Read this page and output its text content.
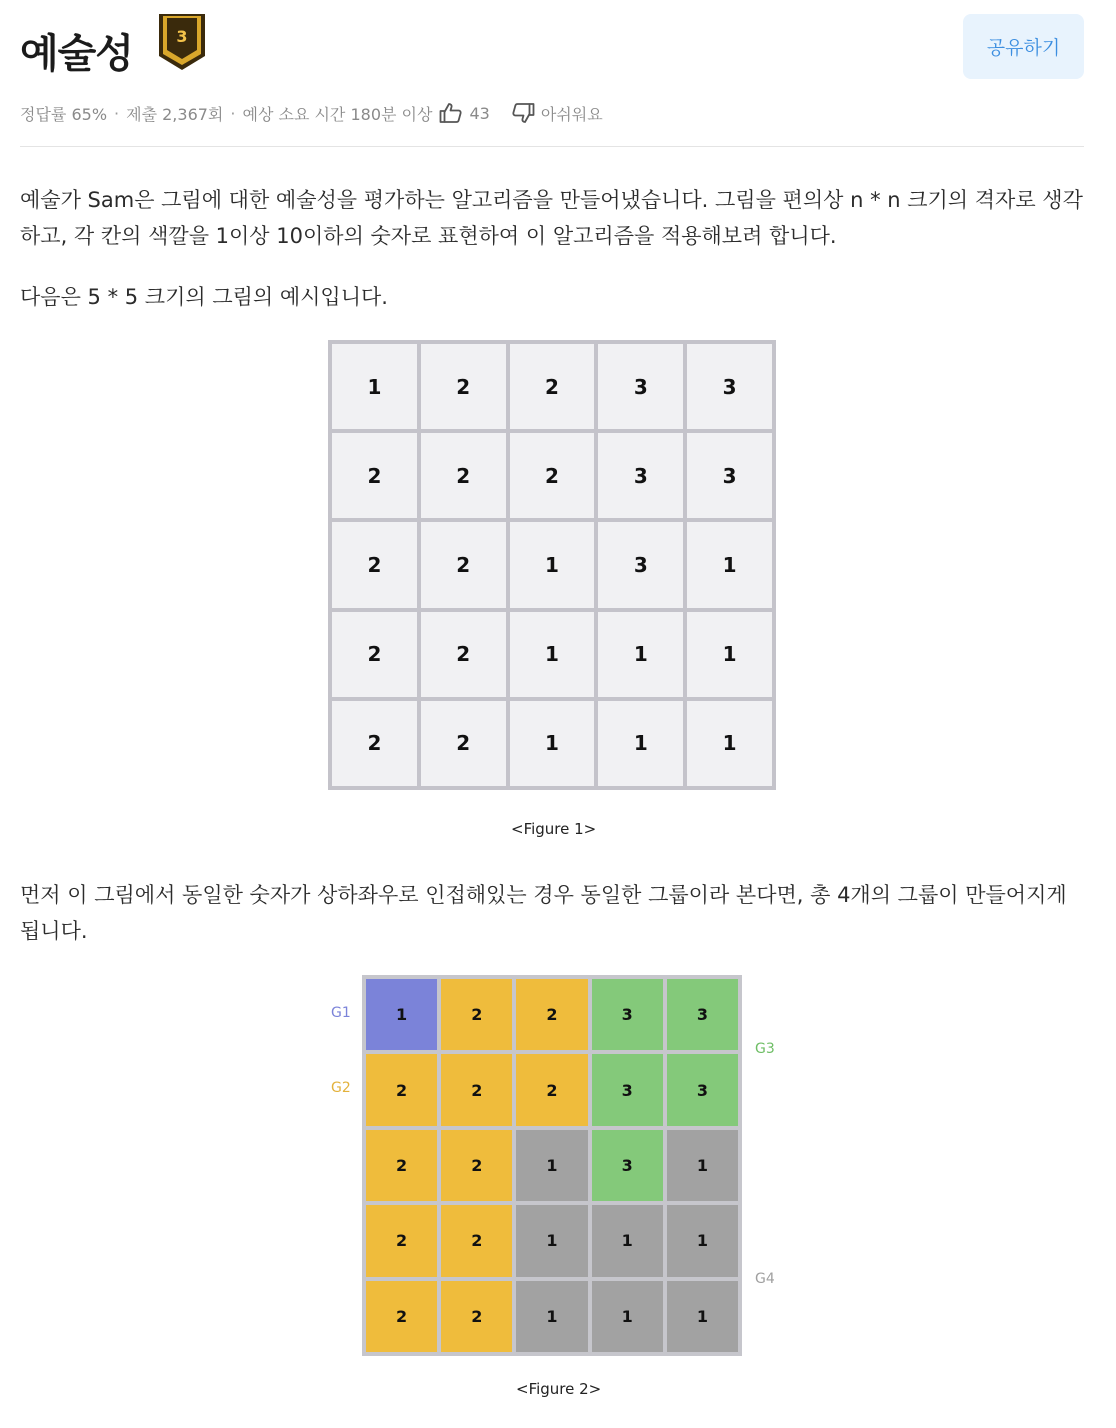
예술성	3
공유하기
정답률 65% · 제출 2,367회 · 예상 소요 시간 180분 이상 43	아쉬워요

예술가 Sam은 그림에 대한 예술성을 평가하는 알고리즘을 만들어냈습니다. 그림을 편의상 n * n 크기의 격자로 생각하고, 각 칸의 색깔을 1이상 10이하의 숫자로 표현하여 이 알고리즘을 적용해보려 합니다.

다음은 5 * 5 크기의 그림의 예시입니다.

1	2	2	3	3
2	2	2	3	3
2	2	1	3	1
2	2	1	1	1
2	2	1	1	1
<Figure 1>

먼저 이 그림에서 동일한 숫자가 상하좌우로 인접해있는 경우 동일한 그룹이라 본다면, 총 4개의 그룹이 만들어지게 됩니다.

1	2	2	3	3
2	2	2	3	3
2	2	1	3	1
2	2	1	1	1
2	2	1	1	1
G1
G2
G3
G4
<Figure 2>
